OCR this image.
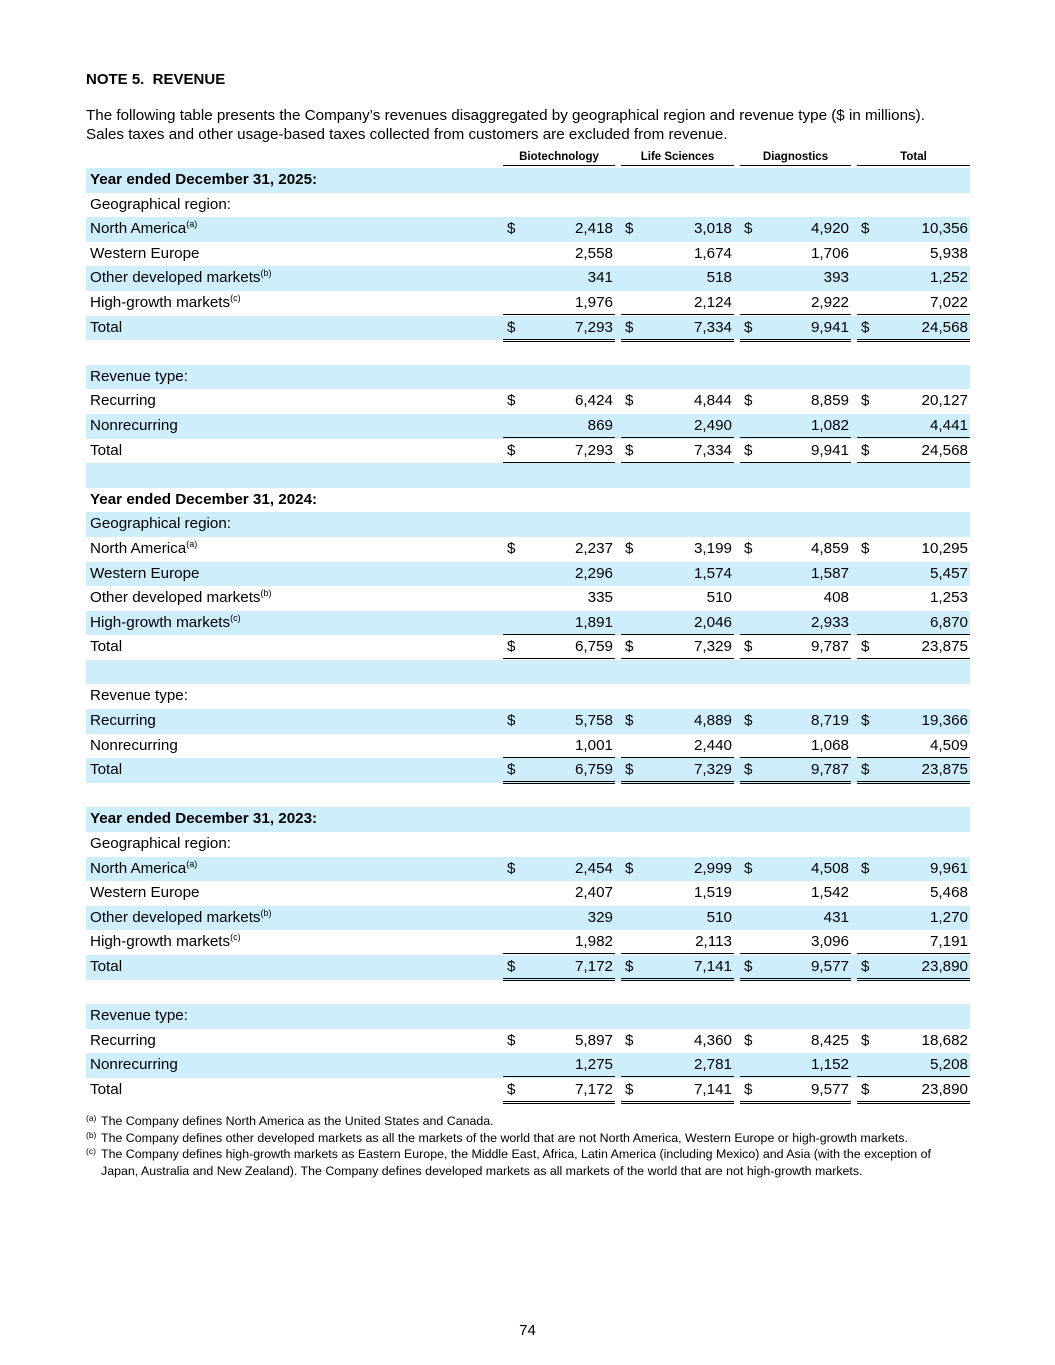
NOTE 5.  REVENUE

The following table presents the Company’s revenues disaggregated by geographical region and revenue type ($ in millions). Sales taxes and other usage-based taxes collected from customers are excluded from revenue.

Biotechnology	Life Sciences	Diagnostics	Total
Year ended December 31, 2025:
Geographical region:
North America$^{(a)}$	$	2,418 $	3,018 $	4,920 $	10,356
Western Europe	2,558	1,674	1,706	5,938
Other developed markets$^{(b)}$	341	518	393	1,252
High-growth markets$^{(c)}$	1,976	2,124	2,922	7,022
Total	$	7,293 $	7,334 $	9,941 $	24,568
Revenue type:
Recurring	$	6,424 $	4,844 $	8,859 $	20,127
Nonrecurring	869	2,490	1,082	4,441
Total	$	7,293 $	7,334 $	9,941 $	24,568
Year ended December 31, 2024:
Geographical region:
North America$^{(a)}$	$	2,237 $	3,199 $	4,859 $	10,295
Western Europe	2,296	1,574	1,587	5,457
Other developed markets$^{(b)}$	335	510	408	1,253
High-growth markets$^{(c)}$	1,891	2,046	2,933	6,870
Total	$	6,759 $	7,329 $	9,787 $	23,875
Revenue type:
Recurring	$	5,758 $	4,889 $	8,719 $	19,366
Nonrecurring	1,001	2,440	1,068	4,509
Total	$	6,759 $	7,329 $	9,787 $	23,875
Year ended December 31, 2023:
Geographical region:
North America$^{(a)}$	$	2,454 $	2,999 $	4,508 $	9,961
Western Europe	2,407	1,519	1,542	5,468
Other developed markets$^{(b)}$	329	510	431	1,270
High-growth markets$^{(c)}$	1,982	2,113	3,096	7,191
Total	$	7,172 $	7,141 $	9,577 $	23,890
Revenue type:
Recurring	$	5,897 $	4,360 $	8,425 $	18,682
Nonrecurring	1,275	2,781	1,152	5,208
Total	$	7,172 $	7,141 $	9,577 $	23,890
(a) The Company defines North America as the United States and Canada.
(b) The Company defines other developed markets as all the markets of the world that are not North America, Western Europe or high-growth markets.
(c) The Company defines high-growth markets as Eastern Europe, the Middle East, Africa, Latin America (including Mexico) and Asia (with the exception of Japan, Australia and New Zealand). The Company defines developed markets as all markets of the world that are not high-growth markets.
74
